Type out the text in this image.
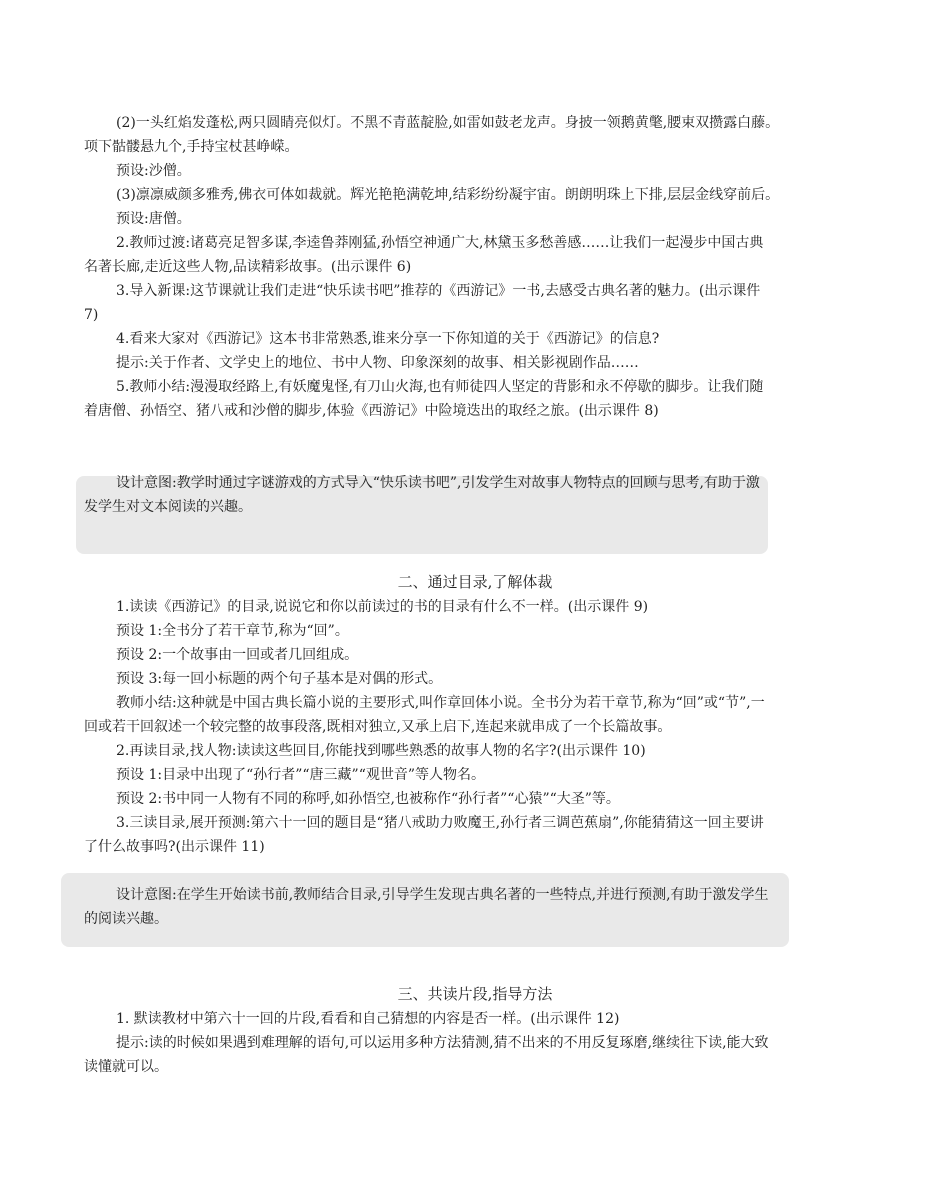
(2)一头红焰发蓬松,两只圆睛亮似灯。不黑不青蓝靛脸,如雷如鼓老龙声。身披一领鹅黄氅,腰束双攒露白藤。
项下骷髅悬九个,手持宝杖甚峥嵘。
预设:沙僧。
(3)凛凛威颜多雅秀,佛衣可体如裁就。辉光艳艳满乾坤,结彩纷纷凝宇宙。朗朗明珠上下排,层层金线穿前后。
预设:唐僧。
2.教师过渡:诸葛亮足智多谋,李逵鲁莽刚猛,孙悟空神通广大,林黛玉多愁善感……让我们一起漫步中国古典
名著长廊,走近这些人物,品读精彩故事。(出示课件 6)
3.导入新课:这节课就让我们走进“快乐读书吧”推荐的《西游记》一书,去感受古典名著的魅力。(出示课件
7)
4.看来大家对《西游记》这本书非常熟悉,谁来分享一下你知道的关于《西游记》的信息?
提示:关于作者、文学史上的地位、书中人物、印象深刻的故事、相关影视剧作品……
5.教师小结:漫漫取经路上,有妖魔鬼怪,有刀山火海,也有师徒四人坚定的背影和永不停歇的脚步。让我们随
着唐僧、孙悟空、猪八戒和沙僧的脚步,体验《西游记》中险境迭出的取经之旅。(出示课件 8)
设计意图:教学时通过字谜游戏的方式导入“快乐读书吧”,引发学生对故事人物特点的回顾与思考,有助于激
发学生对文本阅读的兴趣。
二、通过目录,了解体裁
1.读读《西游记》的目录,说说它和你以前读过的书的目录有什么不一样。(出示课件 9)
预设 1:全书分了若干章节,称为“回”。
预设 2:一个故事由一回或者几回组成。
预设 3:每一回小标题的两个句子基本是对偶的形式。
教师小结:这种就是中国古典长篇小说的主要形式,叫作章回体小说。全书分为若干章节,称为“回”或“节”,一
回或若干回叙述一个较完整的故事段落,既相对独立,又承上启下,连起来就串成了一个长篇故事。
2.再读目录,找人物:读读这些回目,你能找到哪些熟悉的故事人物的名字?(出示课件 10)
预设 1:目录中出现了“孙行者”“唐三藏”“观世音”等人物名。
预设 2:书中同一人物有不同的称呼,如孙悟空,也被称作“孙行者”“心猿”“大圣”等。
3.三读目录,展开预测:第六十一回的题目是“猪八戒助力败魔王,孙行者三调芭蕉扇”,你能猜猜这一回主要讲
了什么故事吗?(出示课件 11)
设计意图:在学生开始读书前,教师结合目录,引导学生发现古典名著的一些特点,并进行预测,有助于激发学生
的阅读兴趣。
三、共读片段,指导方法
1. 默读教材中第六十一回的片段,看看和自己猜想的内容是否一样。(出示课件 12)
提示:读的时候如果遇到难理解的语句,可以运用多种方法猜测,猜不出来的不用反复琢磨,继续往下读,能大致
读懂就可以。
